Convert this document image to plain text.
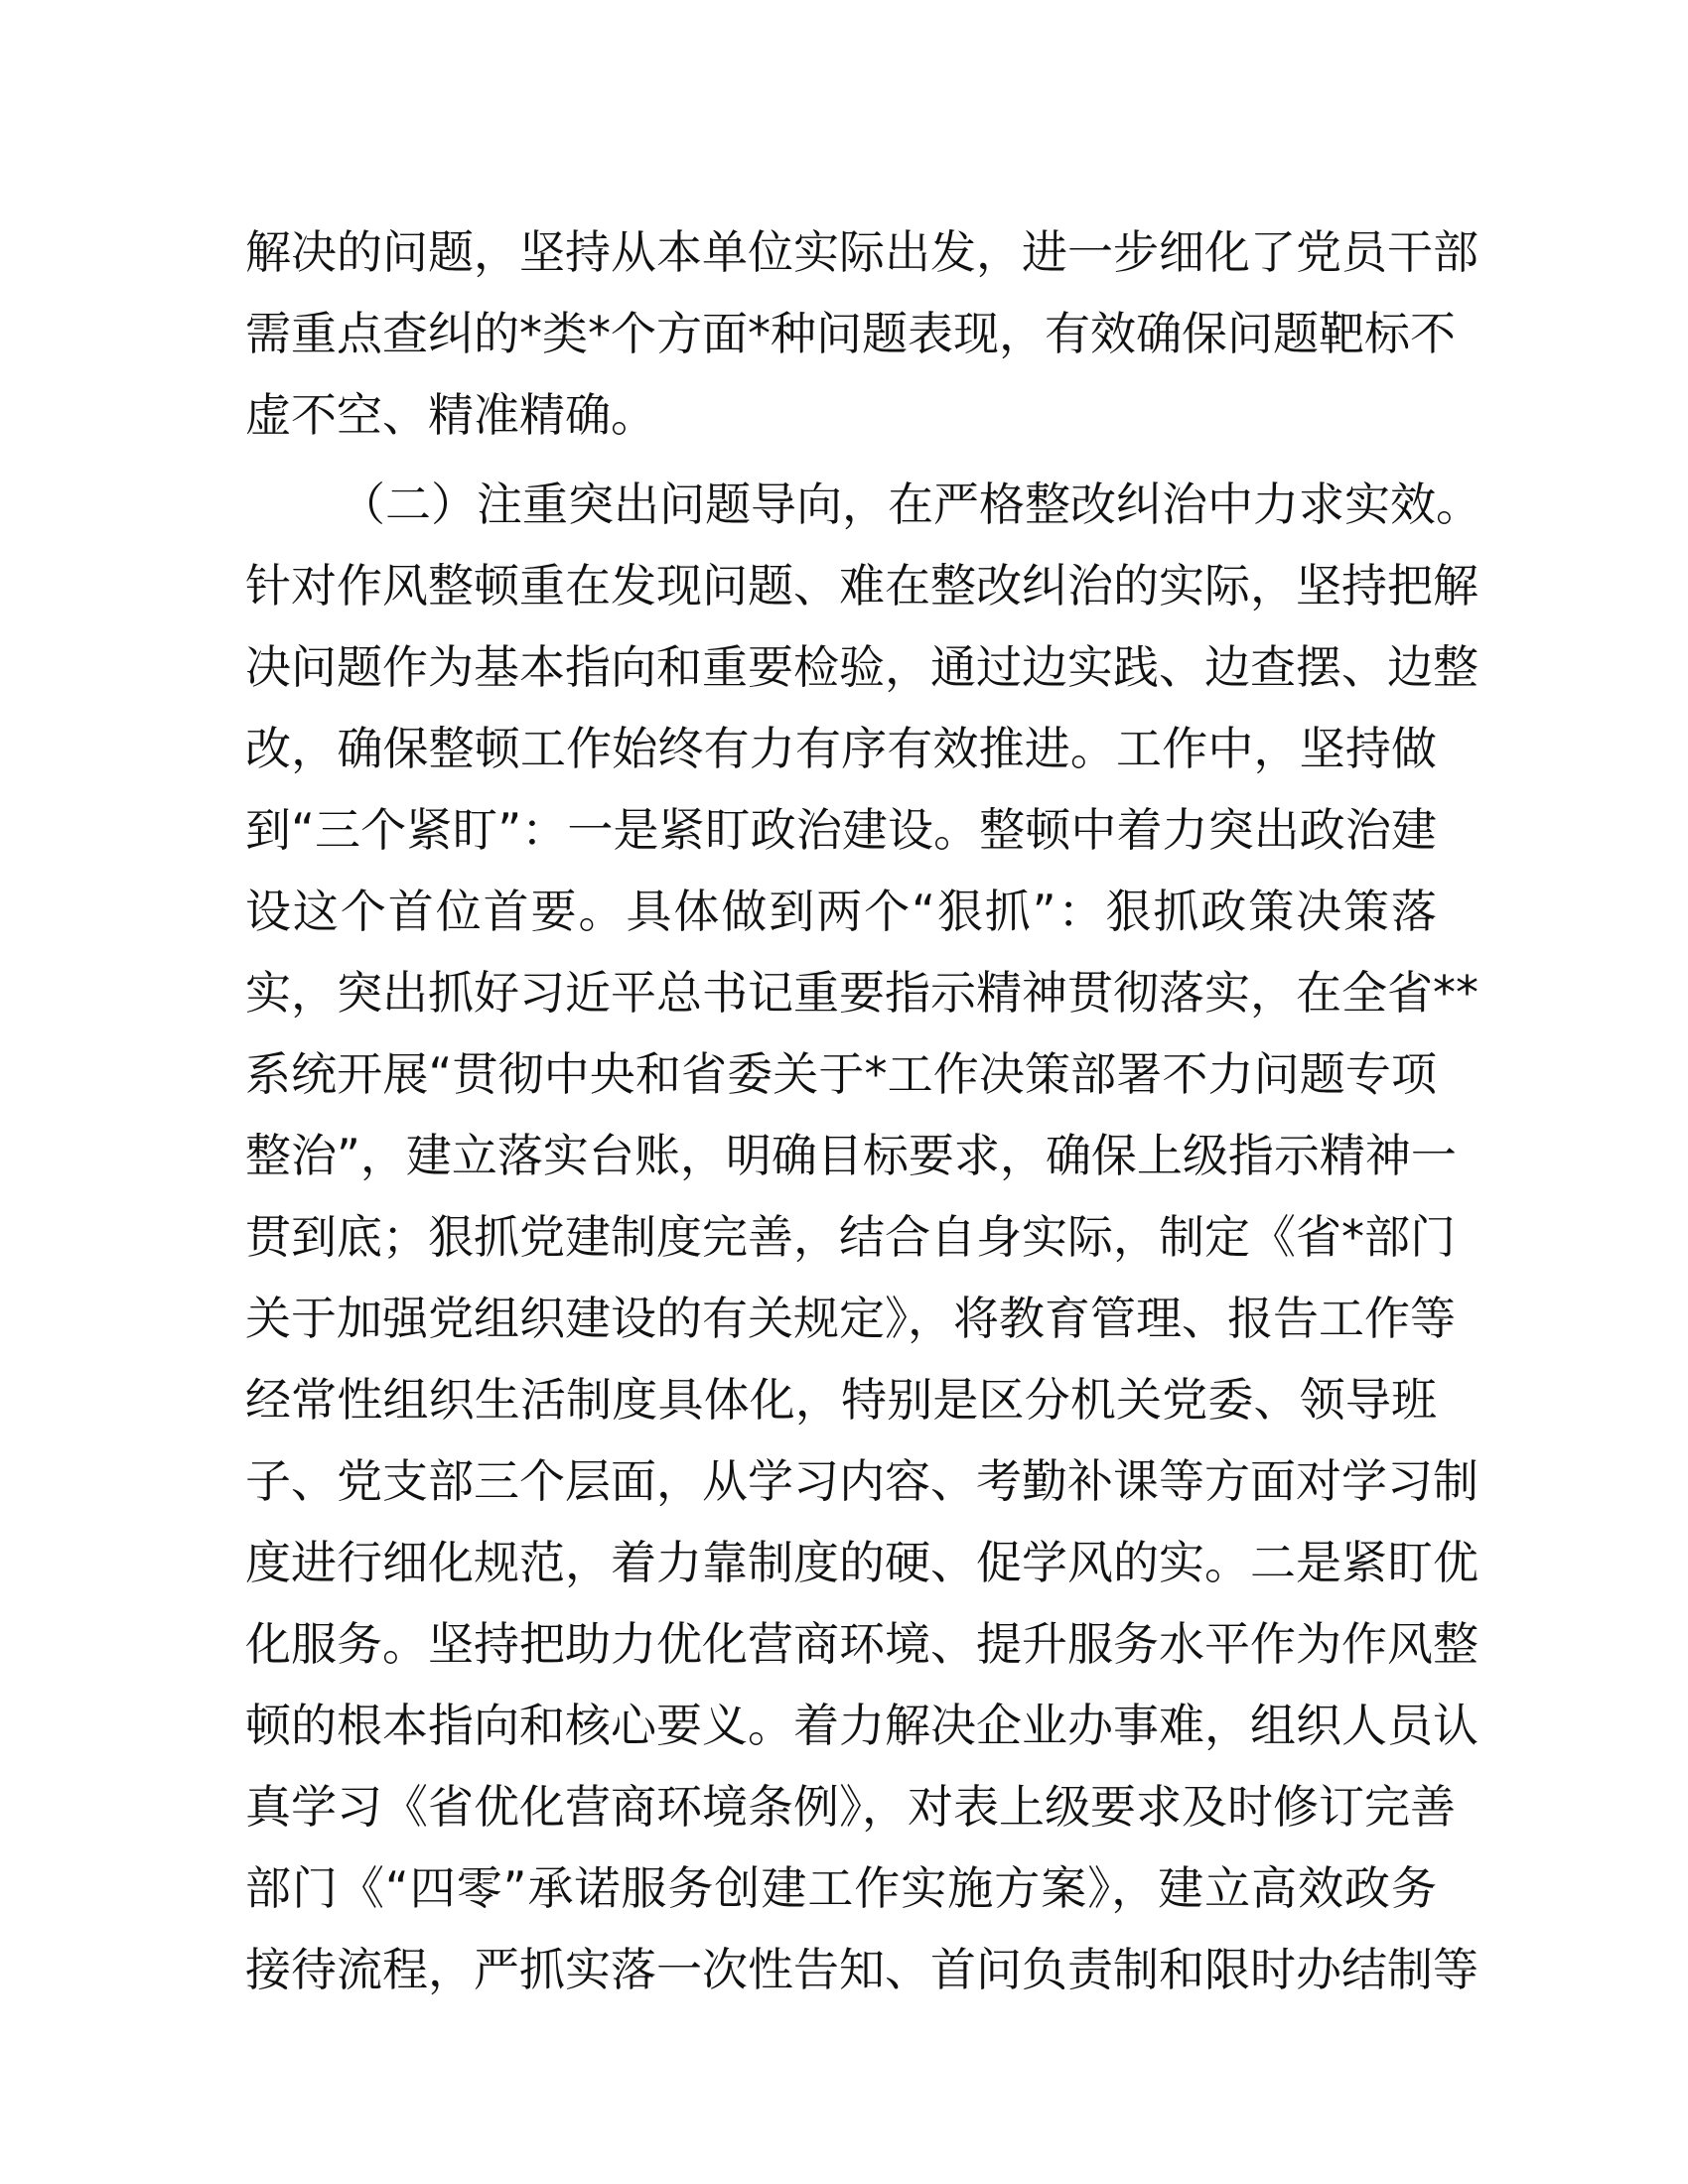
解决的问题，坚持从本单位实际出发，进一步细化了党员干部
需重点查纠的*类*个方面*种问题表现，有效确保问题靶标不
虚不空、精准精确。
（二）注重突出问题导向，在严格整改纠治中力求实效。
针对作风整顿重在发现问题、难在整改纠治的实际，坚持把解
决问题作为基本指向和重要检验，通过边实践、边查摆、边整
改，确保整顿工作始终有力有序有效推进。工作中，坚持做
到“三个紧盯”：一是紧盯政治建设。整顿中着力突出政治建
设这个首位首要。具体做到两个“狠抓”：狠抓政策决策落
实，突出抓好习近平总书记重要指示精神贯彻落实，在全省**
系统开展“贯彻中央和省委关于*工作决策部署不力问题专项
整治”，建立落实台账，明确目标要求，确保上级指示精神一
贯到底；狠抓党建制度完善，结合自身实际，制定《省*部门
关于加强党组织建设的有关规定》，将教育管理、报告工作等
经常性组织生活制度具体化，特别是区分机关党委、领导班
子、党支部三个层面，从学习内容、考勤补课等方面对学习制
度进行细化规范，着力靠制度的硬、促学风的实。二是紧盯优
化服务。坚持把助力优化营商环境、提升服务水平作为作风整
顿的根本指向和核心要义。着力解决企业办事难，组织人员认
真学习《省优化营商环境条例》，对表上级要求及时修订完善
部门《“四零”承诺服务创建工作实施方案》，建立高效政务
接待流程，严抓实落一次性告知、首问负责制和限时办结制等
